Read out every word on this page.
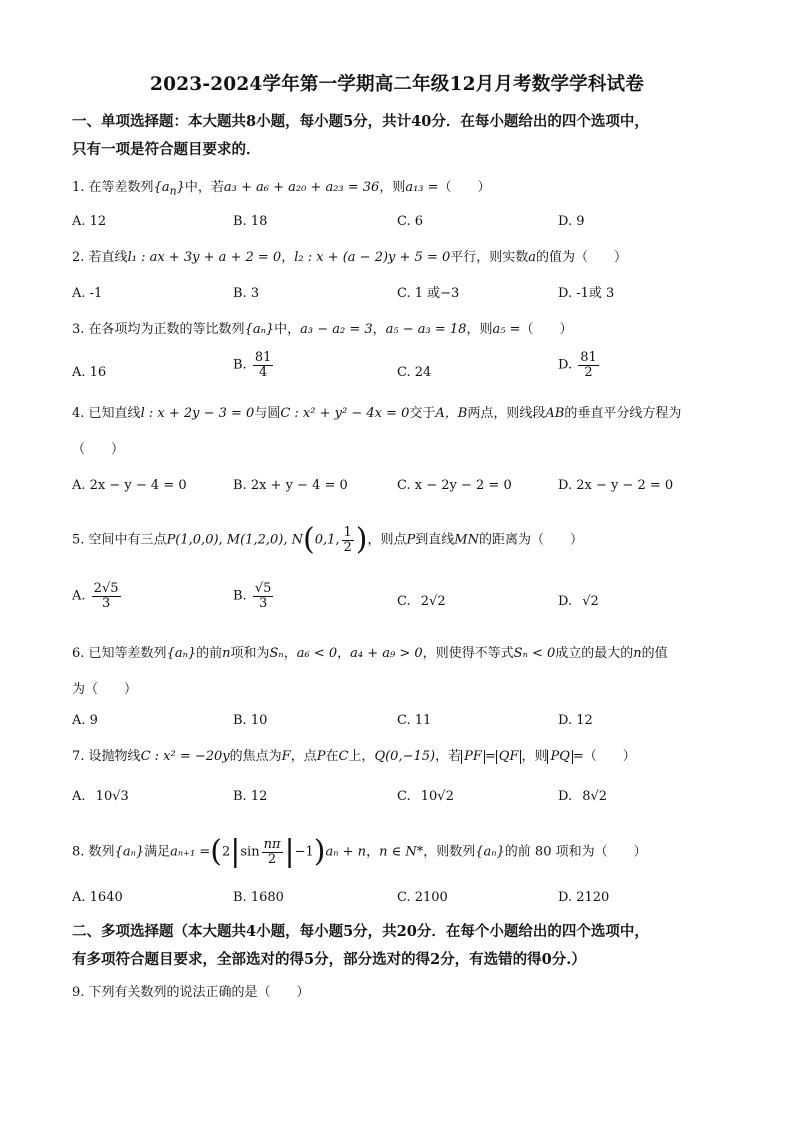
2023-2024学年第一学期高二年级12月月考数学学科试卷
一、单项选择题：本大题共8小题，每小题5分，共计40分．在每小题给出的四个选项中，
只有一项是符合题目要求的．
1. 在等差数列$\{a_n\}$中，若a₃ + a₆ + a₂₀ + a₂₃ = 36，则a₁₃ =（　　）
A. 12	B. 18	C. 6	D. 9
2. 若直线l₁ : ax + 3y + a + 2 = 0，l₂ : x + (a − 2)y + 5 = 0平行，则实数a的值为（　　）
A. -1	B. 3	C. 1 或−3	D. -1或 3
3. 在各项均为正数的等比数列{aₙ}中，a₃ − a₂ = 3，a₅ − a₃ = 18，则a₅ =（　　）
A. 16	B. $\frac{81}{4}$	C. 24	D. $\frac{81}{2}$
4. 已知直线l : x + 2y − 3 = 0与圆C : x² + y² − 4x = 0交于A，B两点，则线段AB的垂直平分线方程为
（　　）
A. 2x − y − 4 = 0	B. 2x + y − 4 = 0	C. x − 2y − 2 = 0	D. 2x − y − 2 = 0
5. 空间中有三点P(1,0,0), M(1,2,0), N(0,1, $\frac{1}{2}$ )，则点P到直线MN的距离为（　　）
A. $\frac{2√5}{3}$	B. $\frac{√5}{3}$	C. 2√2	D. √2
6. 已知等差数列{aₙ}的前n项和为Sₙ，a₆ < 0，a₄ + a₉ > 0，则使得不等式Sₙ < 0成立的最大的n的值
为（　　）
A. 9	B. 10	C. 11	D. 12
7. 设抛物线C : x² = −20y的焦点为F，点P在C上，Q(0,−15)，若 PF = QF ，则 PQ =（　　）
A. 10√3	B. 12	C. 10√2	D. 8√2
8. 数列{aₙ}满足$a_{n+1} =(2|\sin \frac{n\pi}{2} |-1)a_n + n$，n ∈ N*，则数列{aₙ}的前 80 项和为（　　）
A. 1640	B. 1680	C. 2100	D. 2120
二、多项选择题（本大题共4小题，每小题5分，共20分．在每个小题给出的四个选项中，
有多项符合题目要求，全部选对的得5分，部分选对的得2分，有选错的得0分.）
9. 下列有关数列的说法正确的是（　　）
